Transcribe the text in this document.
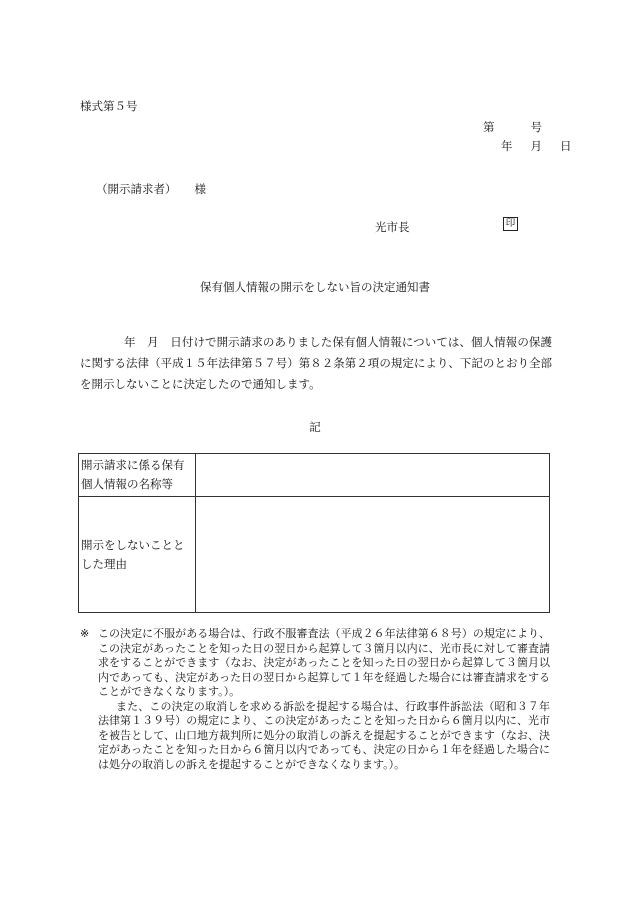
様式第５号
第	号
年 月 日
（開示請求者） 様
光市長	印
保有個人情報の開示をしない旨の決定通知書

年　月　日付けで開示請求のありました保有個人情報については、個人情報の保護に関する法律（平成１５年法律第５７号）第８２条第２項の規定により、下記のとおり全部を開示しないことに決定したので通知します。

記
開示請求に係る保有個人情報の名称等	
開示をしないこととした理由	
※ この決定に不服がある場合は、行政不服審査法（平成２６年法律第６８号）の規定により、この決定があったことを知った日の翌日から起算して３箇月以内に、光市長に対して審査請求をすることができます（なお、決定があったことを知った日の翌日から起算して３箇月以内であっても、決定があった日の翌日から起算して１年を経過した場合には審査請求をすることができなくなります。）。

また、この決定の取消しを求める訴訟を提起する場合は、行政事件訴訟法（昭和３７年法律第１３９号）の規定により、この決定があったことを知った日から６箇月以内に、光市を被告として、山口地方裁判所に処分の取消しの訴えを提起することができます（なお、決定があったことを知った日から６箇月以内であっても、決定の日から１年を経過した場合には処分の取消しの訴えを提起することができなくなります。）。
